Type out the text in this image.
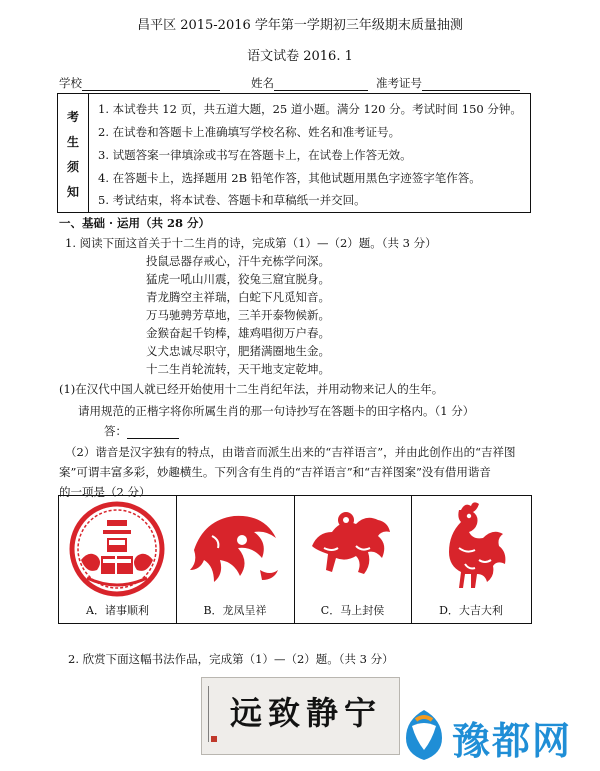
昌平区 2015-2016 学年第一学期初三年级期末质量抽测
语文试卷 2016. 1
学校	姓名	准考证号
考
生
须
知
1. 本试卷共 12 页，共五道大题，25 道小题。满分 120 分。考试时间 150 分钟。
2. 在试卷和答题卡上准确填写学校名称、姓名和准考证号。
3. 试题答案一律填涂或书写在答题卡上，在试卷上作答无效。
4. 在答题卡上，选择题用 2B 铅笔作答，其他试题用黑色字迹签字笔作答。
5. 考试结束，将本试卷、答题卡和草稿纸一并交回。
一、基础 · 运用（共 28 分）
1. 阅读下面这首关于十二生肖的诗，完成第（1）—（2）题。（共 3 分）
投鼠忌器存戒心，汗牛充栋学问深。
猛虎一吼山川震，狡兔三窟宜脱身。
青龙腾空主祥瑞，白蛇下凡觅知音。
万马驰骋芳草地，三羊开泰物候新。
金猴奋起千钧棒，雄鸡唱彻万户春。
义犬忠诚尽职守，肥猪满圈地生金。
十二生肖轮流转，天干地支定乾坤。
(1)在汉代中国人就已经开始使用十二生肖纪年法，并用动物来记人的生年。
请用规范的正楷字将你所属生肖的那一句诗抄写在答题卡的田字格内。（1 分）
答：
（2）谐音是汉字独有的特点，由谐音而派生出来的“吉祥语言”，并由此创作出的“吉祥图
案”可谓丰富多彩，妙趣横生。下列含有生肖的“吉祥语言”和“吉祥图案”没有借用谐音
的一项是（2 分）
A．诸事顺利	B．龙凤呈祥	C．马上封侯	D．大吉大利
2. 欣赏下面这幅书法作品，完成第（1）—（2）题。（共 3 分）
宁静致远
豫都网
